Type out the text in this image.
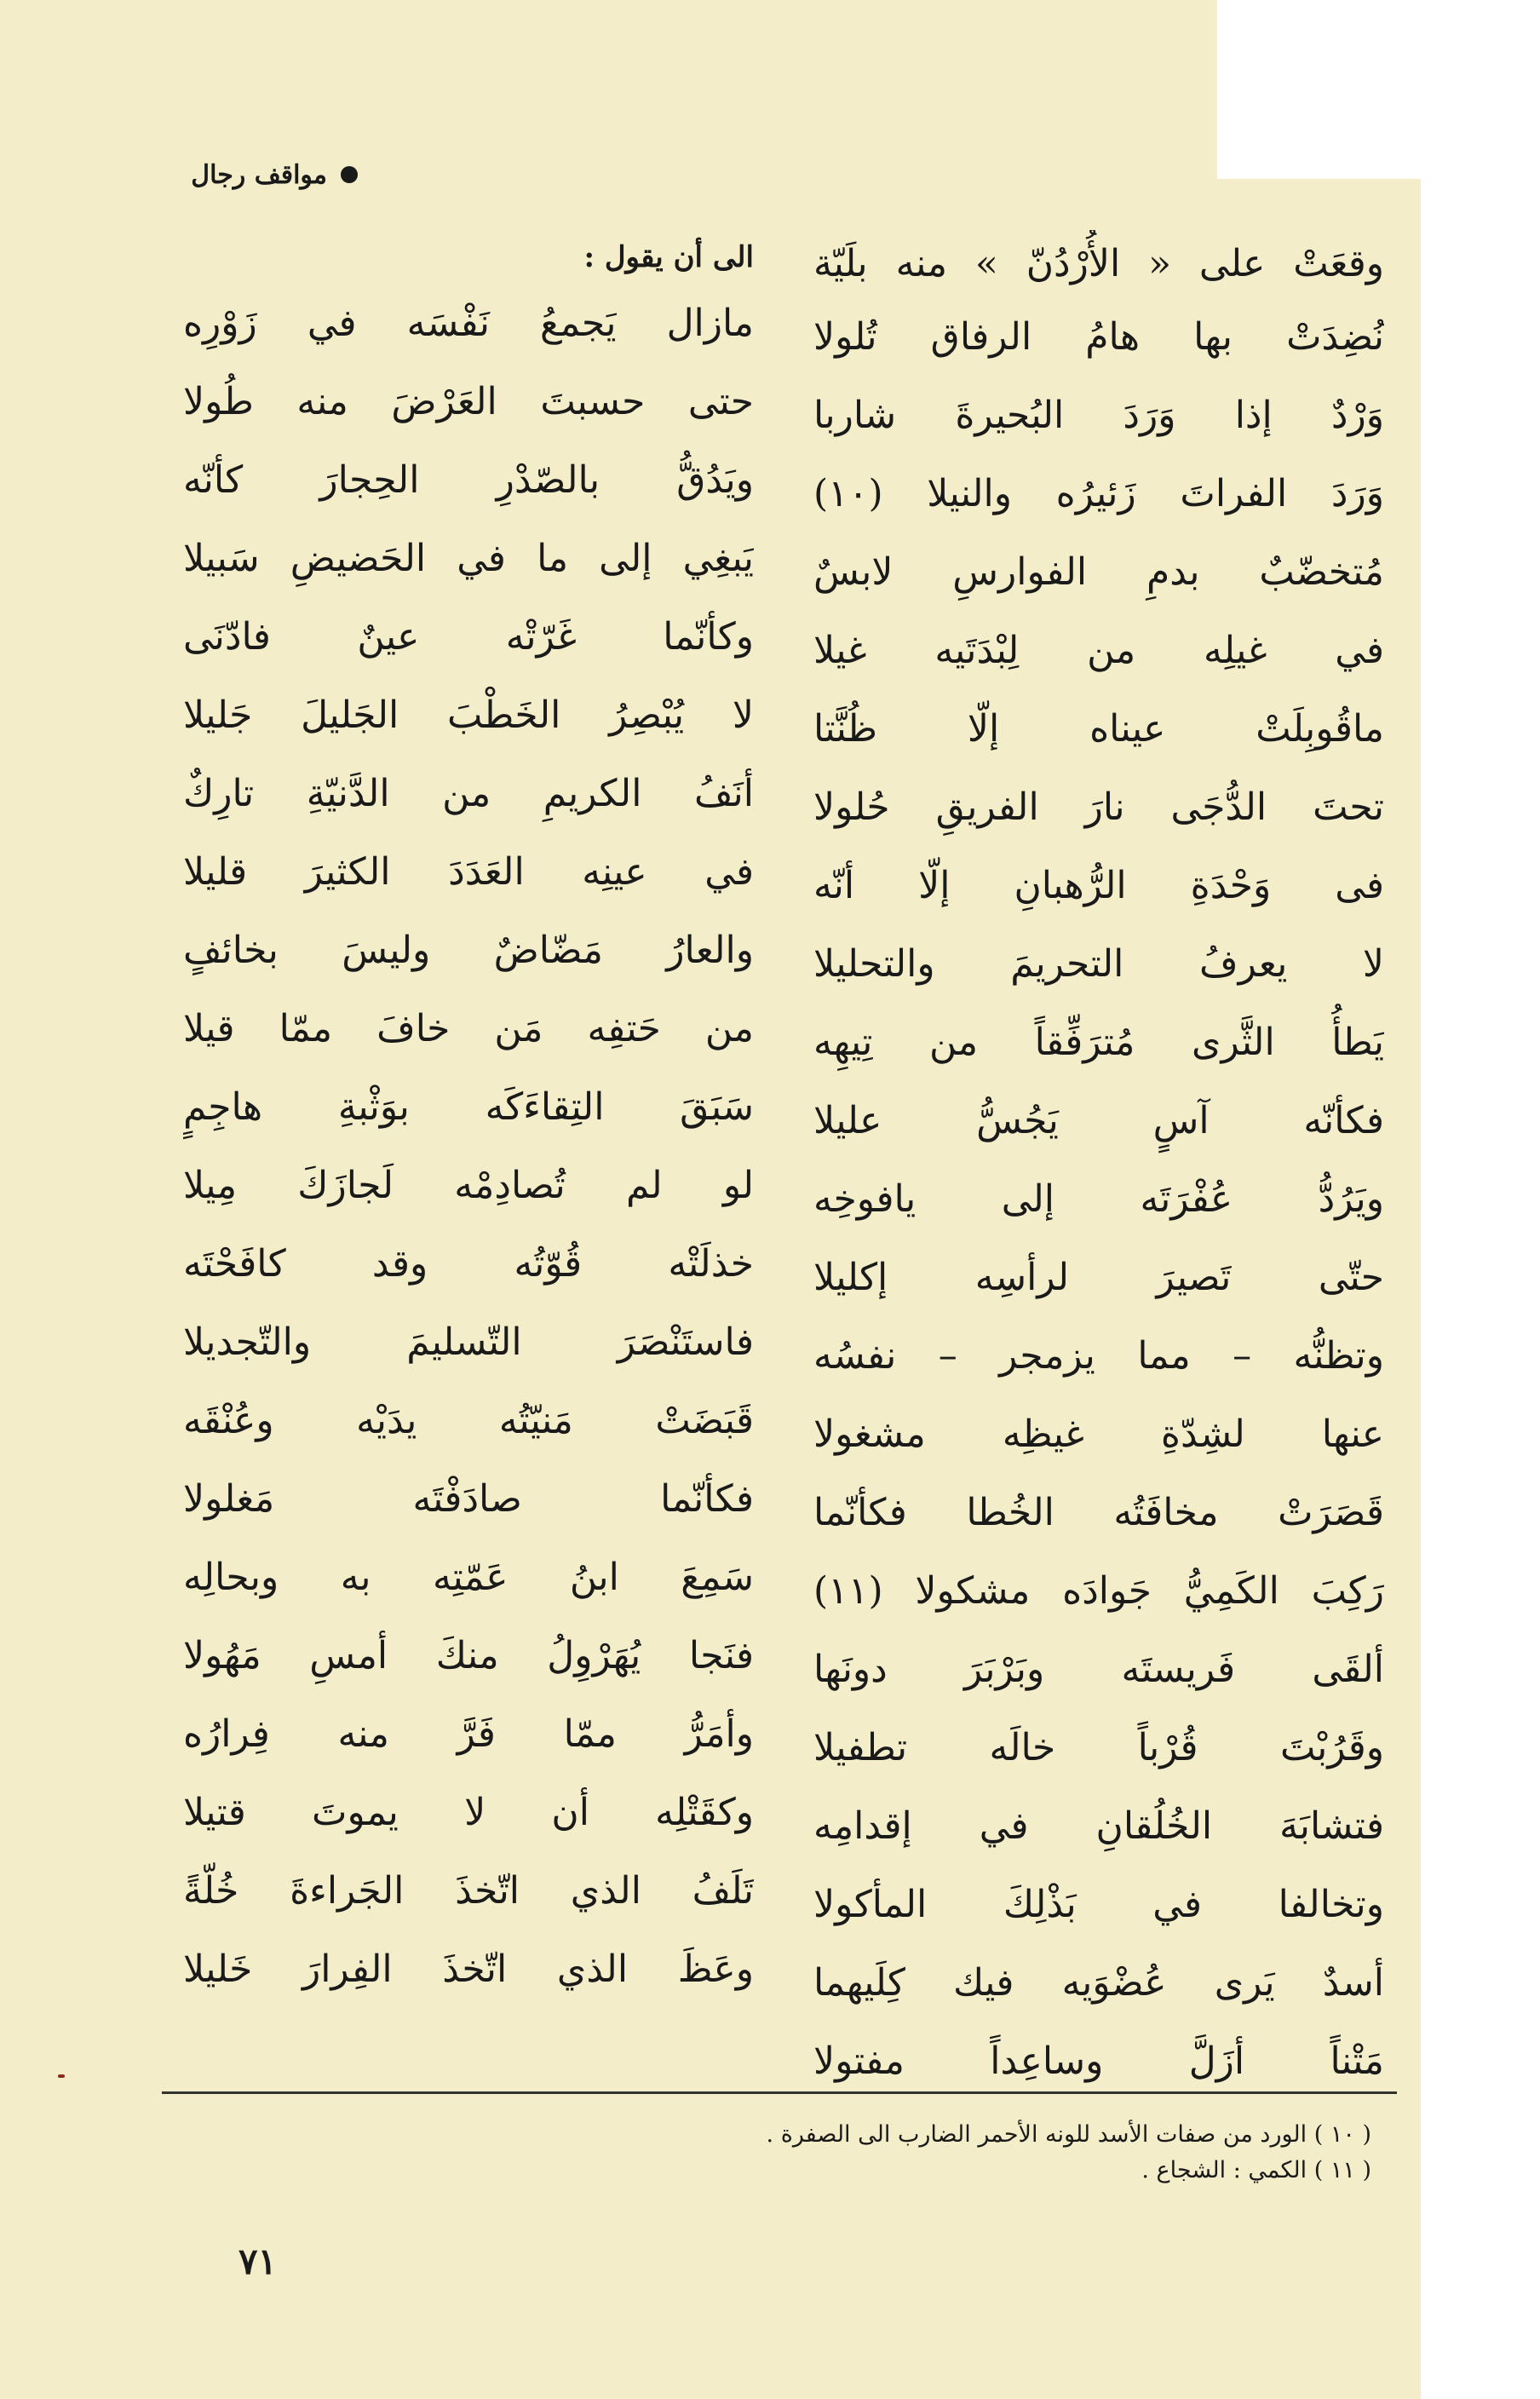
مواقف رجال
وقعَتْ على « الأُرْدُنّ » منه بلَيّة
نُضِدَتْ بها هامُ الرفاق تُلولا
وَرْدٌ إذا وَرَدَ البُحيرةَ شاربا
وَرَدَ الفراتَ زَئيرُه والنيلا (١٠)
مُتخضّبٌ بدمِ الفوارسِ لابسٌ
في غيلِه من لِبْدَتَيه غيلا
ماقُوبِلَتْ عيناه إلّا ظُنَّتا
تحتَ الدُّجَى نارَ الفريقِ حُلولا
فى وَحْدَةِ الرُّهبانِ إلّا أنّه
لا يعرفُ التحريمَ والتحليلا
يَطأُ الثَّرى مُترَفِّقاً من تِيهِه
فكأنّه آسٍ يَجُسُّ عليلا
ويَرُدُّ عُفْرَتَه إلى يافوخِه
حتّى تَصيرَ لرأسِه إكليلا
وتظنُّه – مما يزمجر – نفسُه
عنها لشِدّةِ غيظِه مشغولا
قَصَرَتْ مخافَتُه الخُطا فكأنّما
رَكِبَ الكَمِيُّ جَوادَه مشكولا (١١)
ألقَى فَريستَه وبَرْبَرَ دونَها
وقَرُبْتَ قُرْباً خالَه تطفيلا
فتشابَهَ الخُلُقانِ في إقدامِه
وتخالفا في بَذْلِكَ المأكولا
أسدٌ يَرى عُضْوَيه فيك كِلَيهما
مَتْناً أزَلَّ وساعِداً مفتولا
الى أن يقول :
مازال يَجمعُ نَفْسَه في زَوْرِه
حتى حسبتَ العَرْضَ منه طُولا
ويَدُقُّ بالصّدْرِ الحِجارَ كأنّه
يَبغِي إلى ما في الحَضيضِ سَبيلا
وكأنّما غَرّتْه عينٌ فادّنَى
لا يُبْصِرُ الخَطْبَ الجَليلَ جَليلا
أنَفُ الكريمِ من الدَّنيّةِ تارِكٌ
في عينِه العَدَدَ الكثيرَ قليلا
والعارُ مَضّاضٌ وليسَ بخائفٍ
من حَتفِه مَن خافَ ممّا قيلا
سَبَقَ التِقاءَكَه بوَثْبةِ هاجِمٍ
لو لم تُصادِمْه لَجازَكَ مِيلا
خذلَتْه قُوّتُه وقد كافَحْتَه
فاستَنْصَرَ التّسليمَ والتّجديلا
قَبَضَتْ مَنيّتُه يدَيْه وعُنْقَه
فكأنّما صادَفْتَه مَغلولا
سَمِعَ ابنُ عَمّتِه به وبحالِه
فنَجا يُهَرْوِلُ منكَ أمسِ مَهُولا
وأمَرُّ ممّا فَرَّ منه فِرارُه
وكقَتْلِه أن لا يموتَ قتيلا
تَلَفُ الذي اتّخذَ الجَراءةَ خُلّةً
وعَظَ الذي اتّخذَ الفِرارَ خَليلا
( ١٠ ) الورد من صفات الأسد للونه الأحمر الضارب الى الصفرة .
( ١١ ) الكمي : الشجاع .
٧١
